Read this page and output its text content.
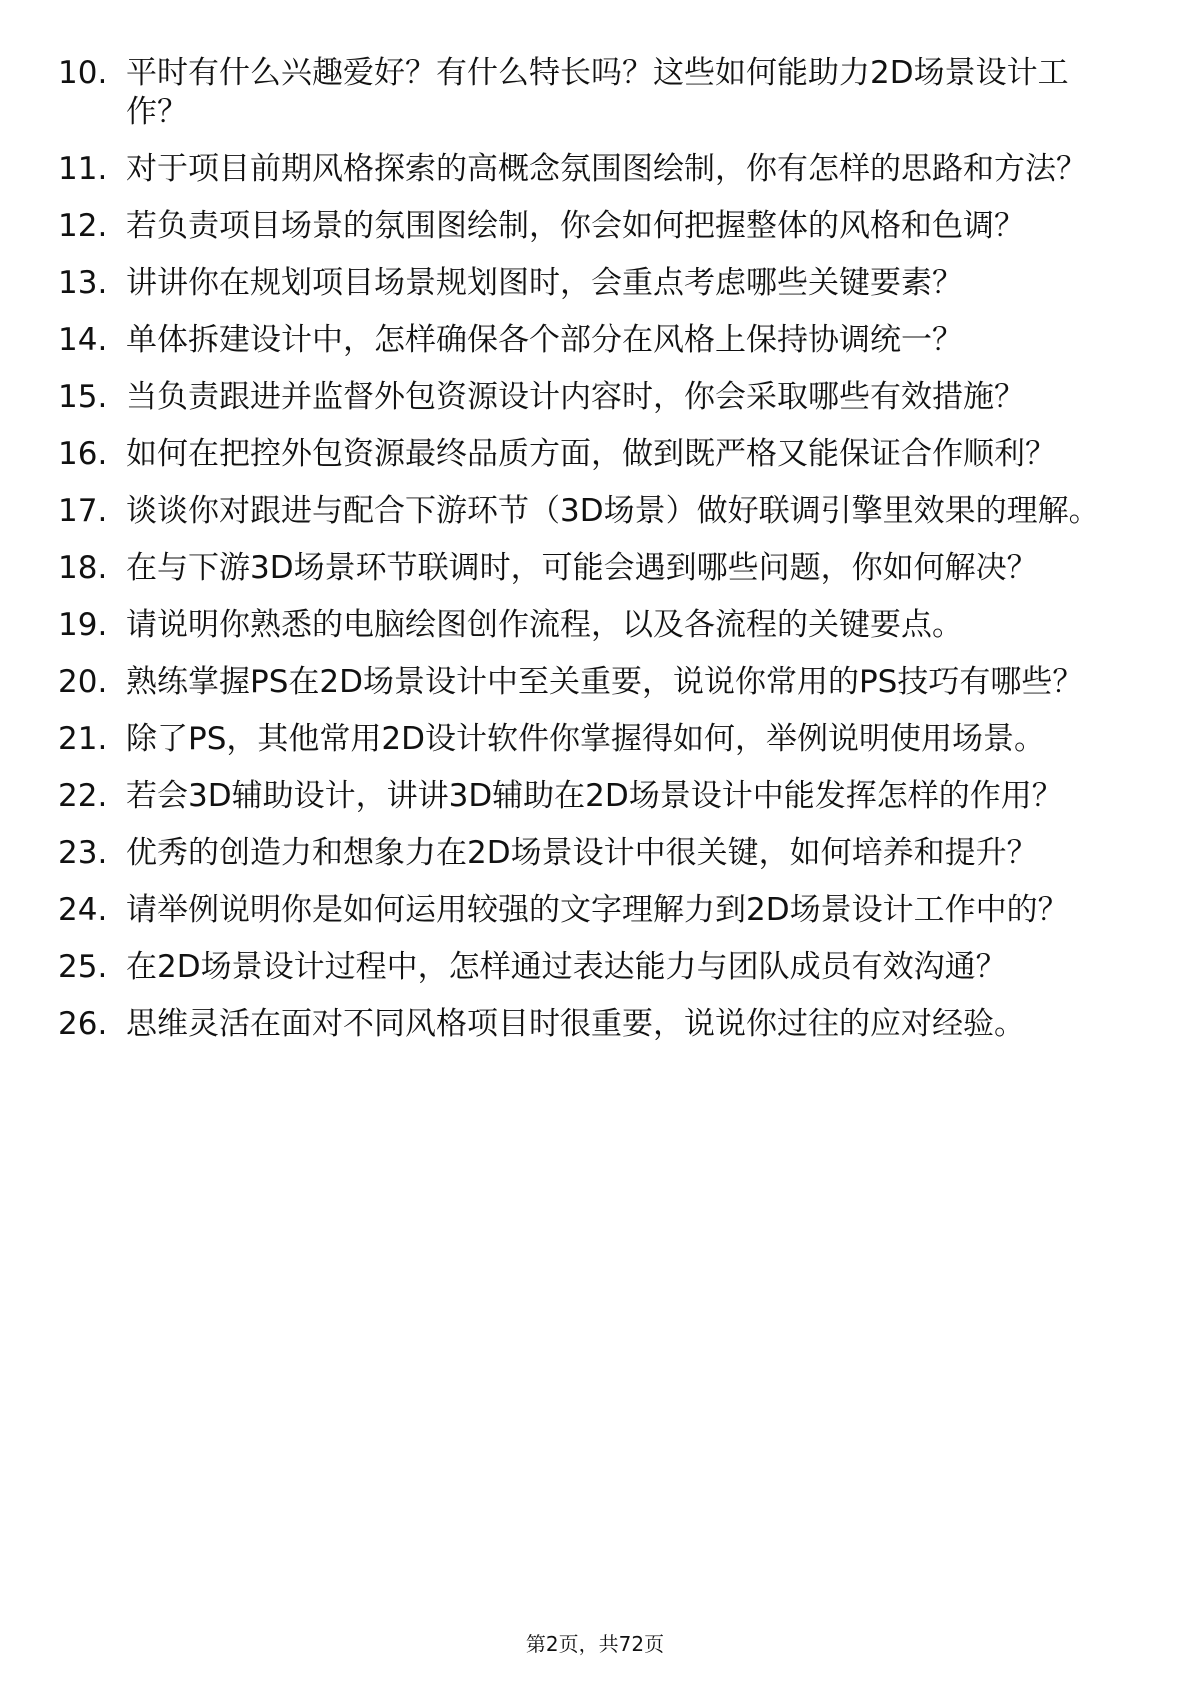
10. 平时有什么兴趣爱好？有什么特长吗？这些如何能助力2D场景设计工作？
11. 对于项目前期风格探索的高概念氛围图绘制，你有怎样的思路和方法？
12. 若负责项目场景的氛围图绘制，你会如何把握整体的风格和色调？
13. 讲讲你在规划项目场景规划图时，会重点考虑哪些关键要素？
14. 单体拆建设计中，怎样确保各个部分在风格上保持协调统一？
15. 当负责跟进并监督外包资源设计内容时，你会采取哪些有效措施？
16. 如何在把控外包资源最终品质方面，做到既严格又能保证合作顺利？
17. 谈谈你对跟进与配合下游环节（3D场景）做好联调引擎里效果的理解。
18. 在与下游3D场景环节联调时，可能会遇到哪些问题，你如何解决？
19. 请说明你熟悉的电脑绘图创作流程，以及各流程的关键要点。
20. 熟练掌握PS在2D场景设计中至关重要，说说你常用的PS技巧有哪些？
21. 除了PS，其他常用2D设计软件你掌握得如何，举例说明使用场景。
22. 若会3D辅助设计，讲讲3D辅助在2D场景设计中能发挥怎样的作用？
23. 优秀的创造力和想象力在2D场景设计中很关键，如何培养和提升？
24. 请举例说明你是如何运用较强的文字理解力到2D场景设计工作中的？
25. 在2D场景设计过程中，怎样通过表达能力与团队成员有效沟通？
26. 思维灵活在面对不同风格项目时很重要，说说你过往的应对经验。
第2页，共72页
